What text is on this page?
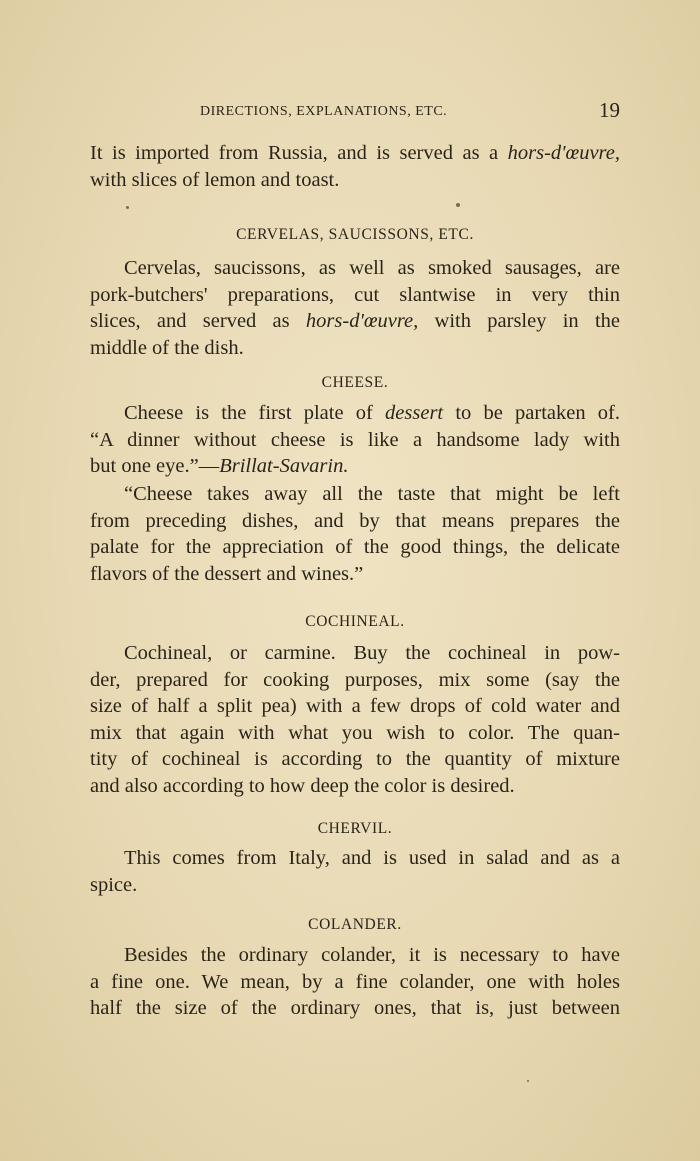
DIRECTIONS, EXPLANATIONS, ETC.	19
It is imported from Russia, and is served as a hors-d'œuvre,
with slices of lemon and toast.
CERVELAS, SAUCISSONS, ETC.
Cervelas, saucissons, as well as smoked sausages, are
pork-butchers' preparations, cut slantwise in very thin
slices, and served as hors-d'œuvre, with parsley in the
middle of the dish.
CHEESE.
Cheese is the first plate of dessert to be partaken of.
“A dinner without cheese is like a handsome lady with
but one eye.”—Brillat-Savarin.
“Cheese takes away all the taste that might be left
from preceding dishes, and by that means prepares the
palate for the appreciation of the good things, the delicate
flavors of the dessert and wines.”
COCHINEAL.
Cochineal, or carmine. Buy the cochineal in pow-
der, prepared for cooking purposes, mix some (say the
size of half a split pea) with a few drops of cold water and
mix that again with what you wish to color. The quan-
tity of cochineal is according to the quantity of mixture
and also according to how deep the color is desired.
CHERVIL.
This comes from Italy, and is used in salad and as a
spice.
COLANDER.
Besides the ordinary colander, it is necessary to have
a fine one. We mean, by a fine colander, one with holes
half the size of the ordinary ones, that is, just between
